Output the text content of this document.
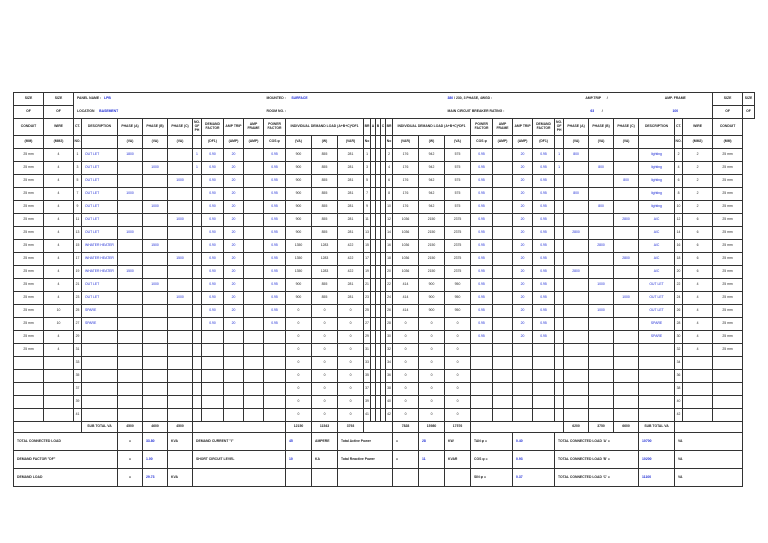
SIZE	SIZE	PANEL NAME : LPB									MOUNTED : SURFACE											380 / 230, 3 PHASE, 4WGD :					AMP.TRIP /				AMP. FRAME			SIZE	SIZE
OF	OF	LOCATION BASEMENT									ROOM NO. :											MAIN CIRCUIT BREAKER RATING :					63 /				100			OF	OF
CONDUIT	WIRE	CT.	DESCRIPTION	PHASE (A)	PHASE (B)	PHASE (C)	NO. OF PH	DEMAND FACTOR	AMP TRIP	AMP FRAME	POWER FACTOR	INDIVIDUAL DEMAND LOAD (A+B+C)*DF1			BR	A	B	C	BR	INDIVIDUAL DEMAND LOAD (A+B+C)*DF1			POWER FACTOR	AMP FRAME	AMP TRIP	DEMAND FACTOR	NO. OF PH	PHASE (A)	PHASE (B)	PHASE (C)	DESCRIPTION	CT.	WIRE	CONDUIT	
(MM)	(MM2)	NO.		(VA)	(VA)	(VA)		(DF1)	(AMP)	(AMP)	COS φ	(VA)	(W)	(VAR)	No				No	(VAR)	(W)	(VA)	COS φ	(AMP)	(AMP)	(DF1)		(VA)	(VA)	(VA)		NO.	(MM2)	(MM)	
25 mm	4	1	OUT LET	1800			1	0.90	20		0.95	900	855	281	1				2	176	942	575	0.95		20	0.95	1	800			lighting	2	2	25 mm	
25 mm	4	3	OUT LET		1000		1	0.90	20		0.95	900	855	281	3				4	176	942	575	0.95		20	0.95	1		800		lighting	4	2	25 mm	
25 mm	4	5	OUT LET			1000		0.90	20		0.95	900	855	281	5				6	176	942	575	0.95		20	0.95				800	lighting	6	2	25 mm	
25 mm	4	7	OUT LET	1000				0.90	20		0.95	900	855	281	7				8	176	942	575	0.95		20	0.95		800			lighting	8	2	25 mm	
25 mm	4	9	OUT LET		1000			0.90	20		0.95	900	855	281	9				10	176	942	575	0.95		20	0.95			800		lighting	10	2	25 mm	
25 mm	4	11	OUT LET			1000		0.90	20		0.95	900	855	281	11				12	1036	2150	2375	0.95		20	0.95				2800	A/C	12	6	25 mm	
25 mm	4	13	OUT LET	1000				0.90	20		0.95	900	855	281	13				14	1036	2150	2375	0.95		20	0.95		2800			A/C	14	6	25 mm	
25 mm	4	15	WHATER HEATER		1500			0.90	20		0.95	1350	1283	422	15				16	1036	2150	2375	0.95		20	0.95			2800		A/C	16	6	25 mm	
25 mm	4	17	WHATER HEATER			1500		0.90	20		0.95	1350	1283	422	17				18	1036	2150	2375	0.95		20	0.95				2800	A/C	18	6	25 mm	
25 mm	4	19	WHATER HEATER	1500				0.90	20		0.95	1350	1283	422	19				20	1036	2150	2375	0.95		20	0.95		2800			A/C	20	6	25 mm	
25 mm	4	21	OUT LET		1000			0.90	20		0.95	900	855	281	21				22	414	900	950	0.95		20	0.95			1000		OUT LET	22	4	25 mm	
25 mm	4	23	OUT LET			1000		0.90	20		0.95	900	855	281	23				24	414	900	950	0.95		20	0.95				1000	OUT LET	24	4	25 mm	
25 mm	10	25	SPARE					0.90	20		0.95	0	0	0	25				26	414	900	950	0.95		20	0.95			1000		OUT LET	26	4	25 mm	
25 mm	10	27	SPARE					0.90	20		0.95	0	0	0	27				28	0	0	0	0.95		20	0.95					SPARE	28	4	25 mm	
25 mm	4	29										0	0	0	29				30	0	0	0	0.95		20	0.95					SPARE	30	4	25 mm	
25 mm	4	31										0	0	0	31				32	0	0	0										32	4	25 mm	
		33										0	0	0	33				34	0	0	0										34			
		35										0	0	0	35				36	0	0	0										36			
		37										0	0	0	37				38	0	0	0										38			
		39										0	0	0	39				40	0	0	0										40			
		41										0	0	0	41				42	0	0	0										42			
			SUB TOTAL VA	4500	4600	4500						12150	11543	3793						7828	15980	17576						6200	3750	6600	SUB TOTAL VA				
TOTAL CONNECTED LOAD				=	33.80	KVA	DEMAND CURRENT "I"					45	AMPERE	Total Active Power						=	28	KW	TAN φ =		0.40		TOTAL CONNECTED LOAD 'A' =				10700	VA			
DEMAND FACTOR "DF"				=	1.00		SHORT CIRCUIT LEVEL					10	KA	Total Reactive Power						=	11	KVAR	COS φ =		0.93		TOTAL CONNECTED LOAD 'B' =				10200	VA			
DEMAND LOAD				=	29.73	KVA																	SIN φ =		0.37		TOTAL CONNECTED LOAD 'C' =				11100	VA			
